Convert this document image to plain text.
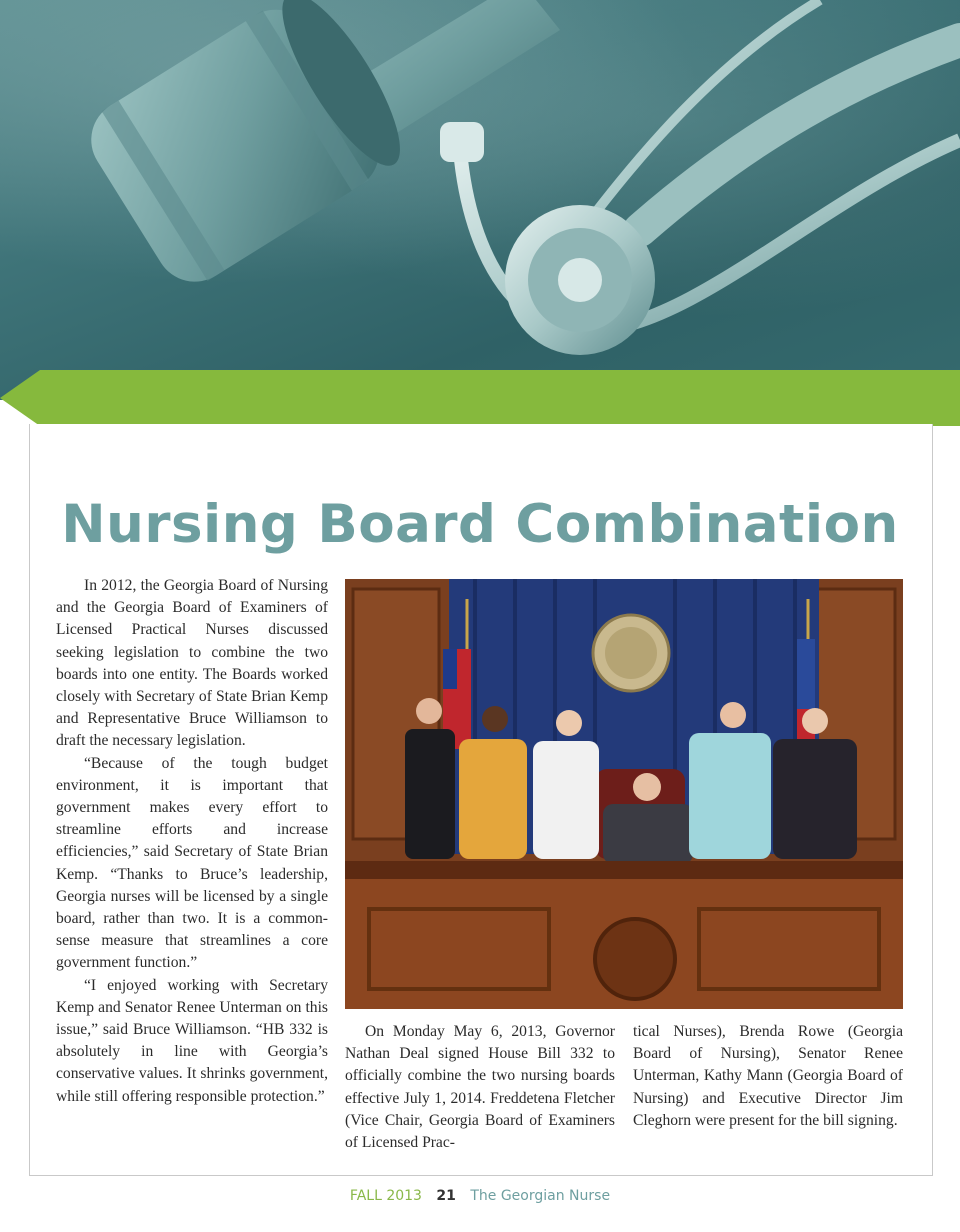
Nursing Board Combination

In 2012, the Georgia Board of Nursing and the Georgia Board of Examiners of Licensed Practical Nurses discussed seeking legislation to combine the two boards into one entity. The Boards worked closely with Secretary of State Brian Kemp and Representative Bruce Williamson to draft the necessary legislation.

“Because of the tough budget environment, it is important that government makes every effort to streamline efforts and increase efficiencies,” said Secretary of State Brian Kemp. “Thanks to Bruce’s leadership, Georgia nurses will be licensed by a single board, rather than two. It is a common-sense measure that streamlines a core government function.”

“I enjoyed working with Secretary Kemp and Senator Renee Unterman on this issue,” said Bruce Williamson. “HB 332 is absolutely in line with Georgia’s conservative values. It shrinks government, while still offering responsible protection.”

On Monday May 6, 2013, Governor Nathan Deal signed House Bill 332 to officially combine the two nursing boards effective July 1, 2014. Freddetena Fletcher (Vice Chair, Georgia Board of Examiners of Licensed Prac-

tical Nurses), Brenda Rowe (Georgia Board of Nursing), Senator Renee Unterman, Kathy Mann (Georgia Board of Nursing) and Executive Director Jim Cleghorn were present for the bill signing.

FALL 2013 21 The Georgian Nurse
